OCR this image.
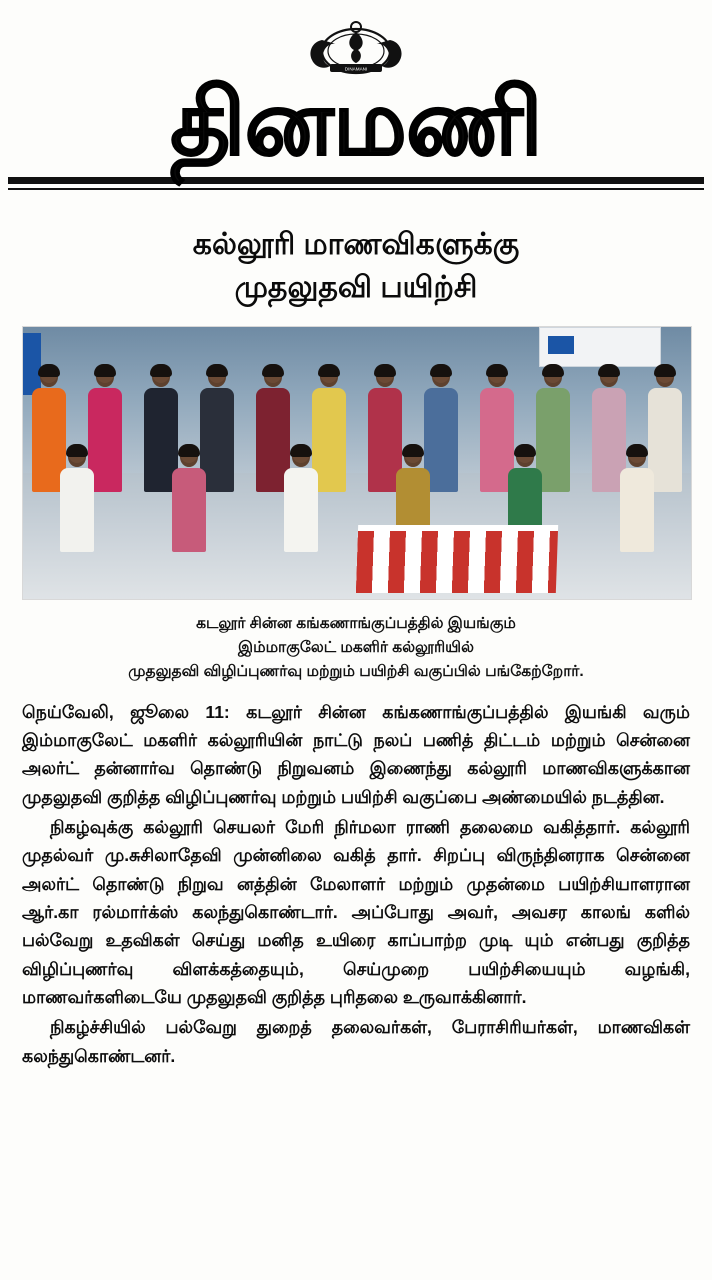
DINAMANI
தினமணி
கல்லூரி மாணவிகளுக்கு
முதலுதவி பயிற்சி
கடலூர் சின்ன கங்கணாங்குப்பத்தில் இயங்கும்
இம்மாகுலேட் மகளிர் கல்லூரியில்
முதலுதவி விழிப்புணர்வு மற்றும் பயிற்சி வகுப்பில் பங்கேற்றோர்.

நெய்வேலி, ஜூலை 11: கடலூர் சின்ன கங்கணாங்குப்பத்தில் இயங்கி வரும் இம்மாகுலேட் மகளிர் கல்லூரியின் நாட்டு நலப் பணித் திட்டம் மற்றும் சென்னை அலர்ட் தன்னார்வ தொண்டு நிறுவனம் இணைந்து கல்லூரி மாணவிகளுக்கான முதலுதவி குறித்த விழிப்புணர்வு மற்றும் பயிற்சி வகுப்பை அண்மையில் நடத்தின.

நிகழ்வுக்கு கல்லூரி செயலர் மேரி நிர்மலா ராணி தலைமை வகித்தார். கல்லூரி முதல்வர் மு.சுசிலாதேவி முன்னிலை வகித் தார். சிறப்பு விருந்தினராக சென்னை அலர்ட் தொண்டு நிறுவ னத்தின் மேலாளர் மற்றும் முதன்மை பயிற்சியாளரான ஆர்.கா ரல்மார்க்ஸ் கலந்துகொண்டார். அப்போது அவர், அவசர காலங் களில் பல்வேறு உதவிகள் செய்து மனித உயிரை காப்பாற்ற முடி யும் என்பது குறித்த விழிப்புணர்வு விளக்கத்தையும், செய்முறை பயிற்சியையும் வழங்கி, மாணவர்களிடையே முதலுதவி குறித்த புரிதலை உருவாக்கினார்.

நிகழ்ச்சியில் பல்வேறு துறைத் தலைவர்கள், பேராசிரியர்கள், மாணவிகள் கலந்துகொண்டனர்.
